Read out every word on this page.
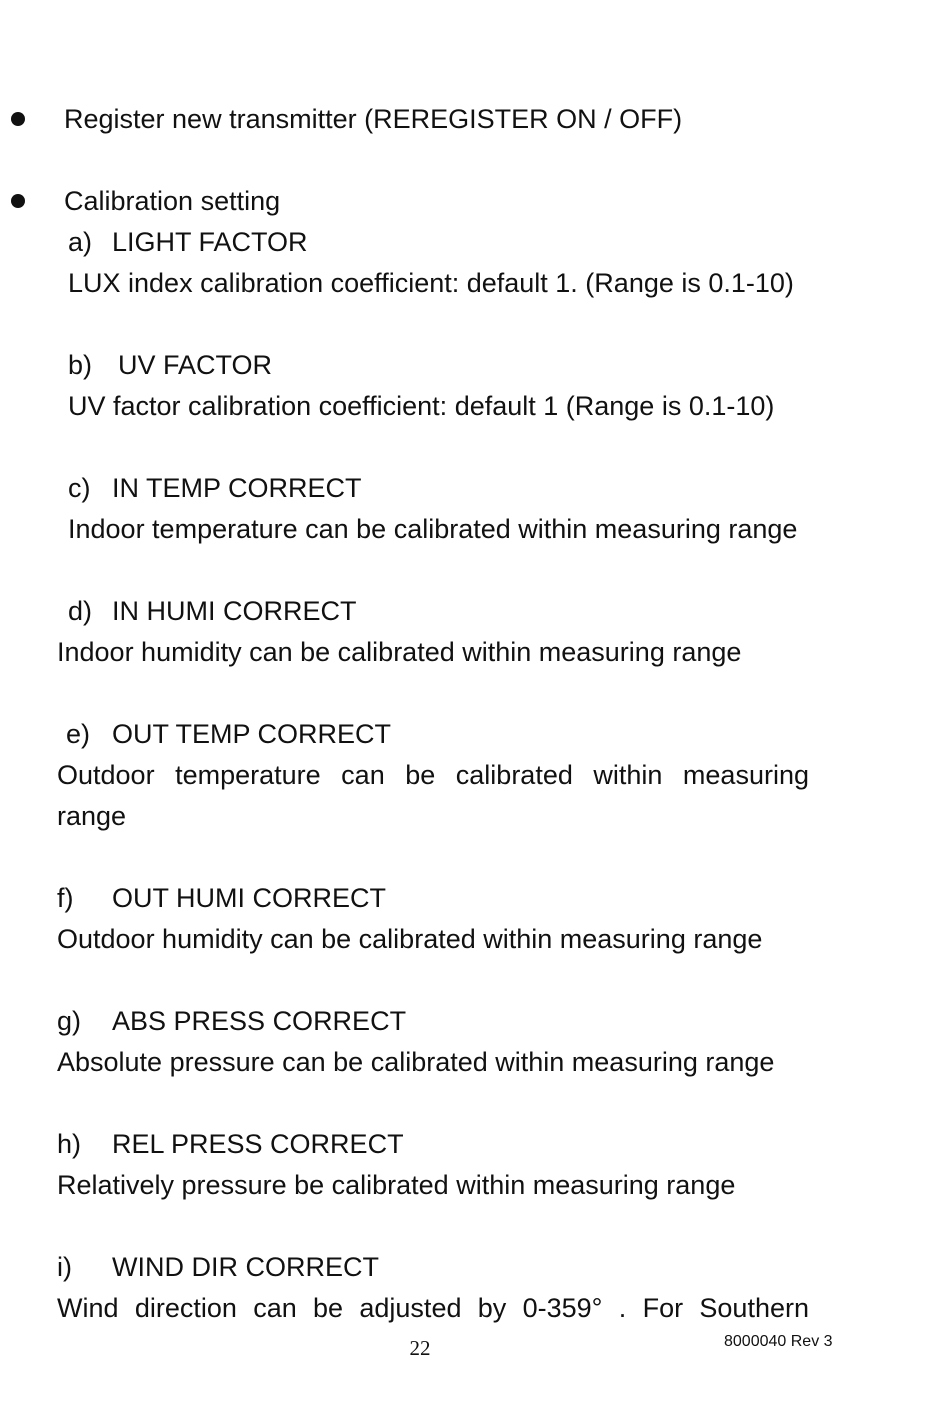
Register new transmitter (REREGISTER ON / OFF)
Calibration setting
a) LIGHT FACTOR
LUX index calibration coefficient: default 1. (Range is 0.1-10)
b) UV FACTOR
UV factor calibration coefficient: default 1 (Range is 0.1-10)
c) IN TEMP CORRECT
Indoor temperature can be calibrated within measuring range
d) IN HUMI CORRECT
Indoor humidity can be calibrated within measuring range
e) OUT TEMP CORRECT
Outdoor temperature can be calibrated within measuring
range
f) OUT HUMI CORRECT
Outdoor humidity can be calibrated within measuring range
g) ABS PRESS CORRECT
Absolute pressure can be calibrated within measuring range
h) REL PRESS CORRECT
Relatively pressure be calibrated within measuring range
i) WIND DIR CORRECT
Wind direction can be adjusted by 0-359° . For Southern
22	8000040 Rev 3
